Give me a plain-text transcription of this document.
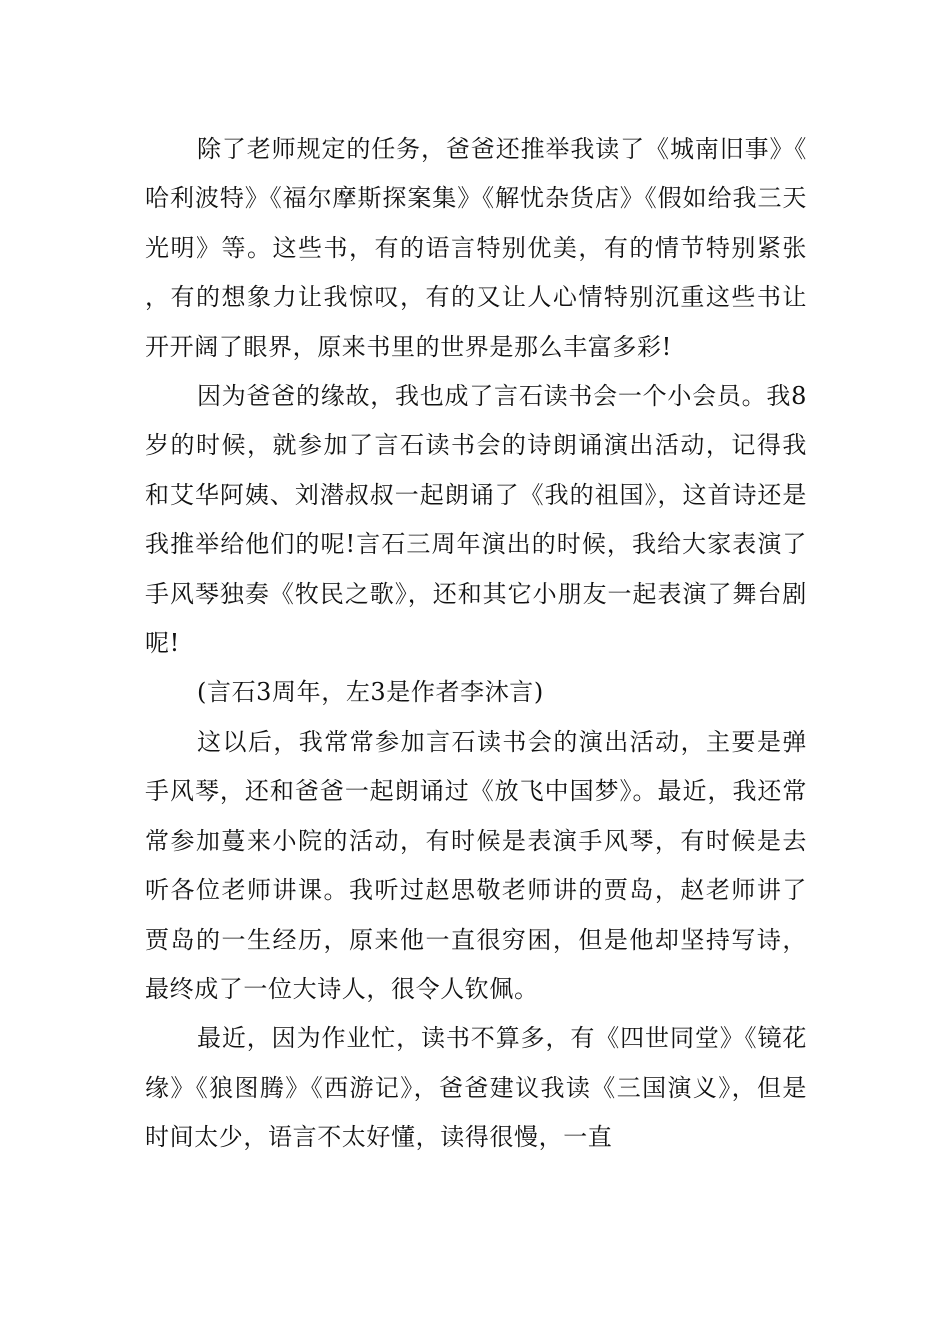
除了老师规定的任务，爸爸还推举我读了《城南旧事》《哈利波特》《福尔摩斯探案集》《解忧杂货店》《假如给我三天光明》等。这些书，有的语言特别优美，有的情节特别紧张，有的想象力让我惊叹，有的又让人心情特别沉重这些书让开开阔了眼界，原来书里的世界是那么丰富多彩!

因为爸爸的缘故，我也成了言石读书会一个小会员。我8岁的时候，就参加了言石读书会的诗朗诵演出活动，记得我和艾华阿姨、刘潜叔叔一起朗诵了《我的祖国》，这首诗还是我推举给他们的呢!言石三周年演出的时候，我给大家表演了手风琴独奏《牧民之歌》，还和其它小朋友一起表演了舞台剧呢!

(言石3周年，左3是作者李沐言)

这以后，我常常参加言石读书会的演出活动，主要是弹手风琴，还和爸爸一起朗诵过《放飞中国梦》。最近，我还常常参加蔓来小院的活动，有时候是表演手风琴，有时候是去听各位老师讲课。我听过赵思敬老师讲的贾岛，赵老师讲了贾岛的一生经历，原来他一直很穷困，但是他却坚持写诗，最终成了一位大诗人，很令人钦佩。

最近，因为作业忙，读书不算多，有《四世同堂》《镜花缘》《狼图腾》《西游记》，爸爸建议我读《三国演义》，但是时间太少，语言不太好懂，读得很慢，一直
